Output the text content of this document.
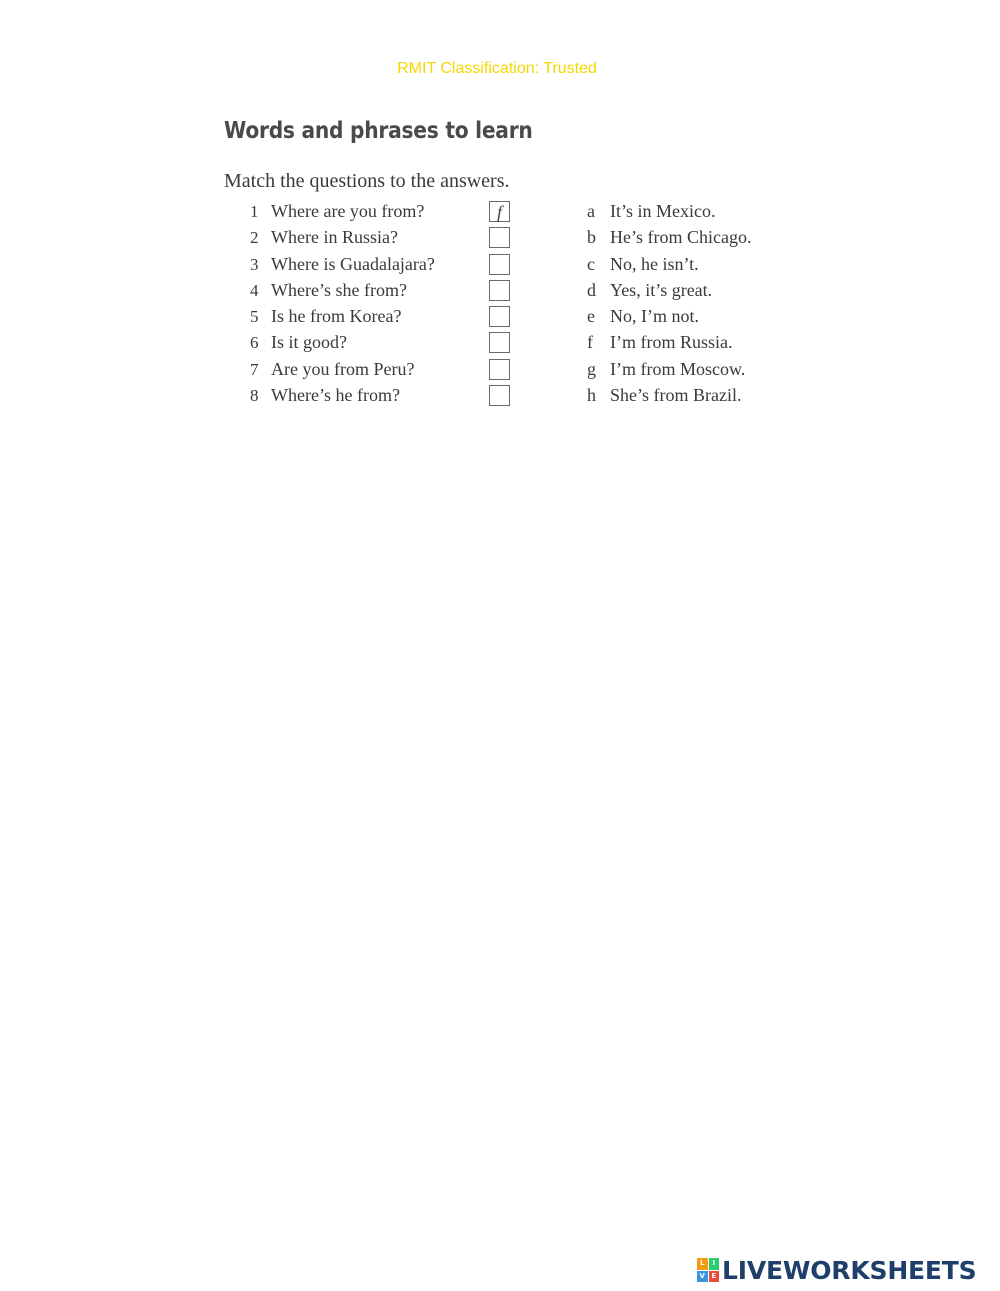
RMIT Classification: Trusted
Words and phrases to learn
Match the questions to the answers.
1 Where are you from?	f
2 Where in Russia?
3 Where is Guadalajara?
4 Where’s she from?
5 Is he from Korea?
6 Is it good?
7 Are you from Peru?
8 Where’s he from?
a It’s in Mexico.
b He’s from Chicago.
c No, he isn’t.
d Yes, it’s great.
e No, I’m not.
f I’m from Russia.
g I’m from Moscow.
h She’s from Brazil.
L	I
V E LIVEWORKSHEETS
